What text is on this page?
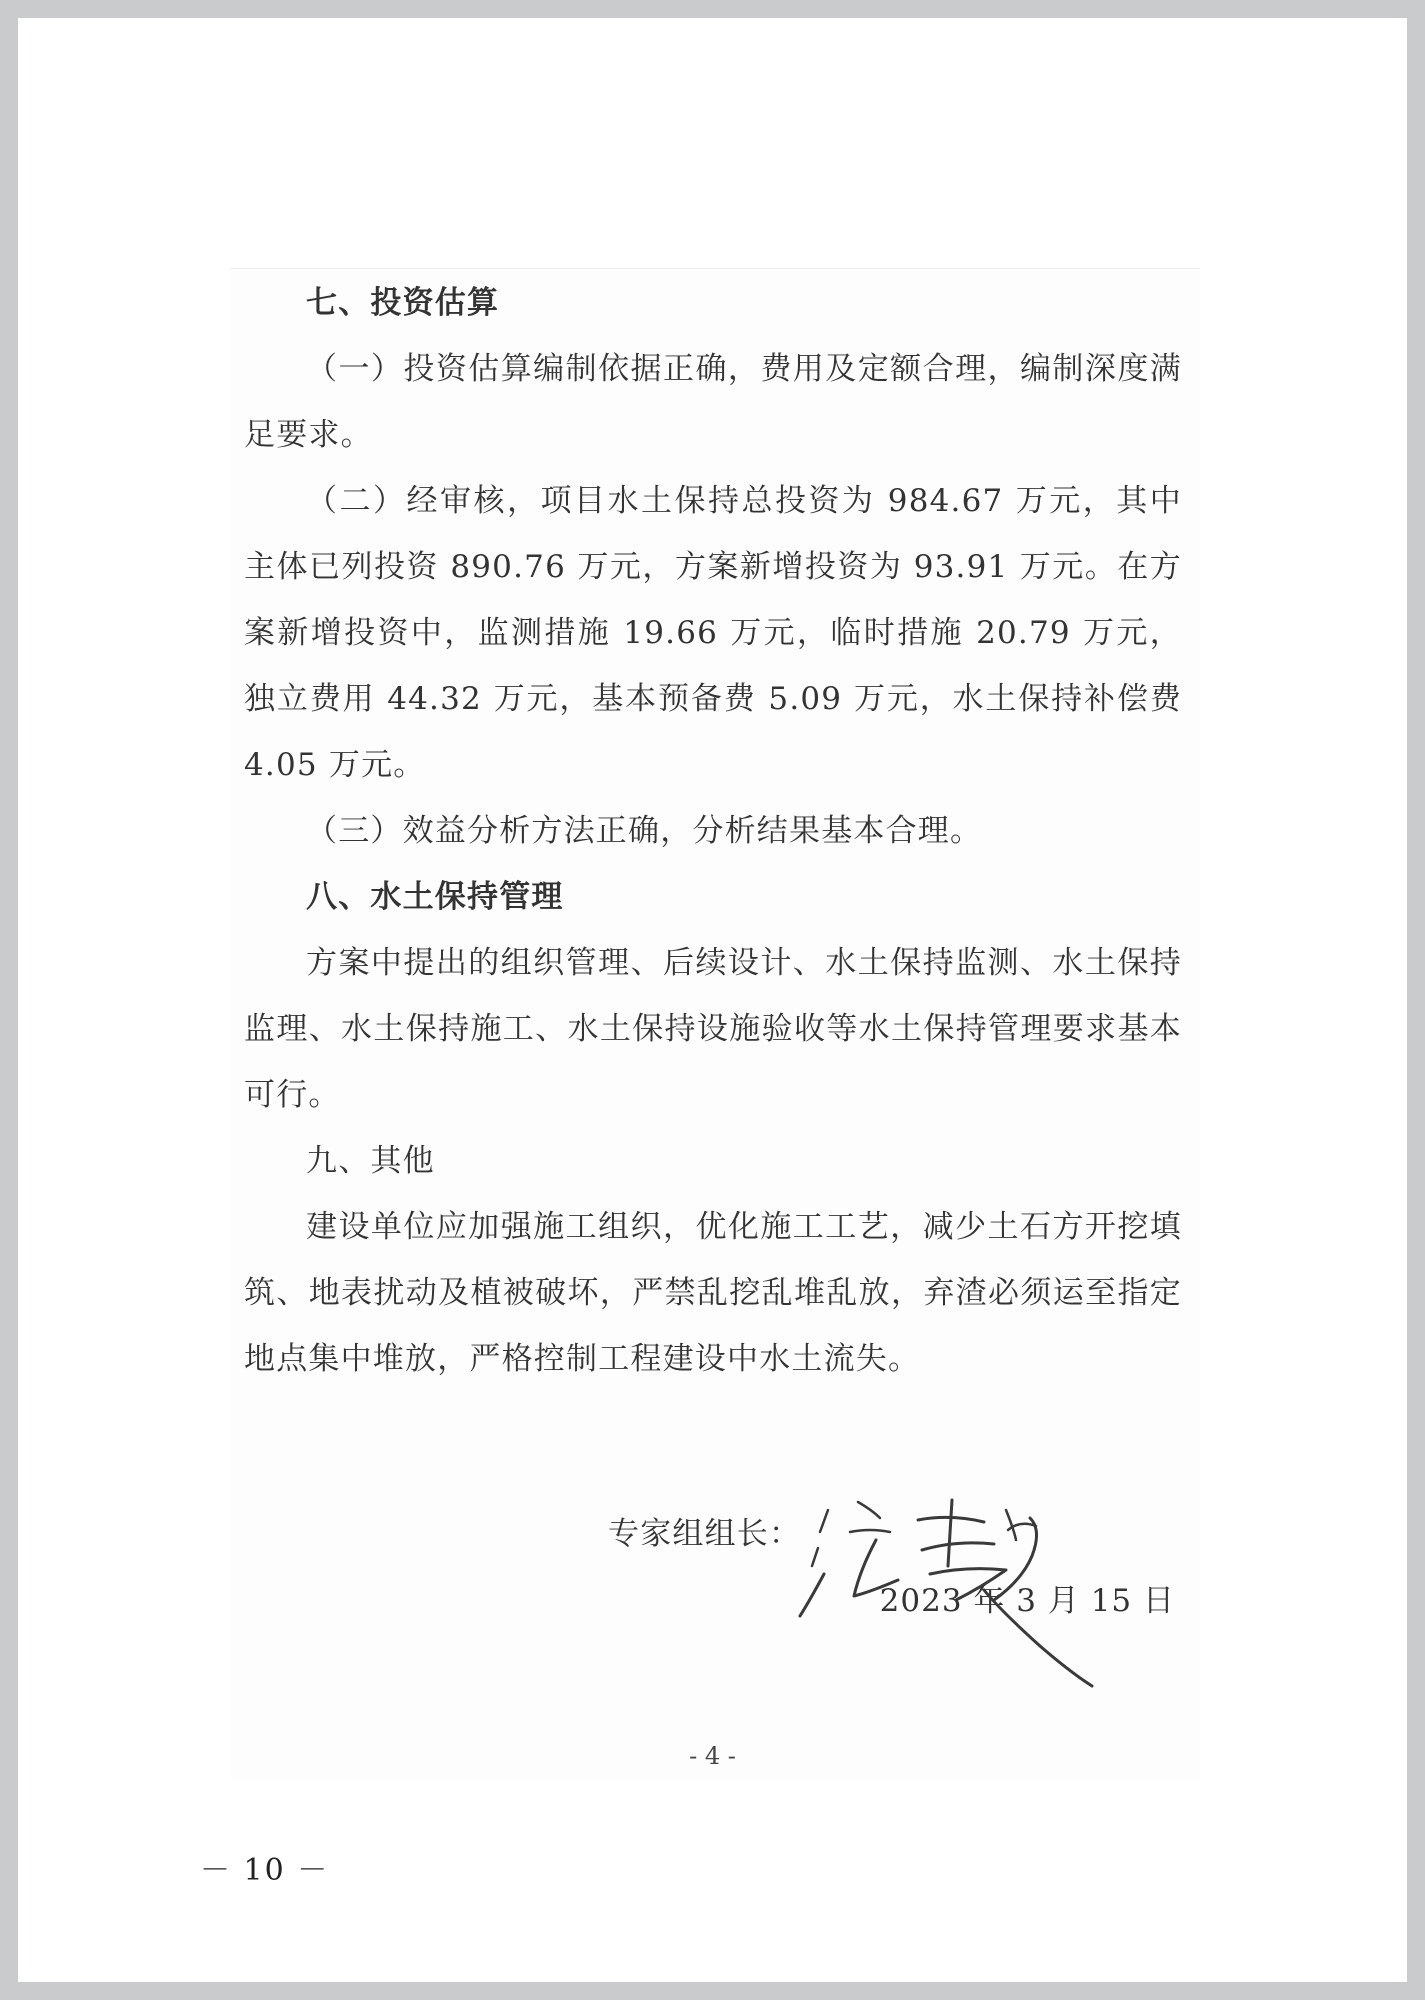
七、投资估算

（一）投资估算编制依据正确，费用及定额合理，编制深度满足要求。

（二）经审核，项目水土保持总投资为 984.67 万元，其中主体已列投资 890.76 万元，方案新增投资为 93.91 万元。在方案新增投资中，监测措施 19.66 万元，临时措施 20.79 万元，独立费用 44.32 万元，基本预备费 5.09 万元，水土保持补偿费 4.05 万元。

（三）效益分析方法正确，分析结果基本合理。

八、水土保持管理

方案中提出的组织管理、后续设计、水土保持监测、水土保持监理、水土保持施工、水土保持设施验收等水土保持管理要求基本可行。

九、其他

建设单位应加强施工组织，优化施工工艺，减少土石方开挖填筑、地表扰动及植被破坏，严禁乱挖乱堆乱放，弃渣必须运至指定地点集中堆放，严格控制工程建设中水土流失。

专家组组长：
2023 年 3 月 15 日
- 4 -
－ 10 －
